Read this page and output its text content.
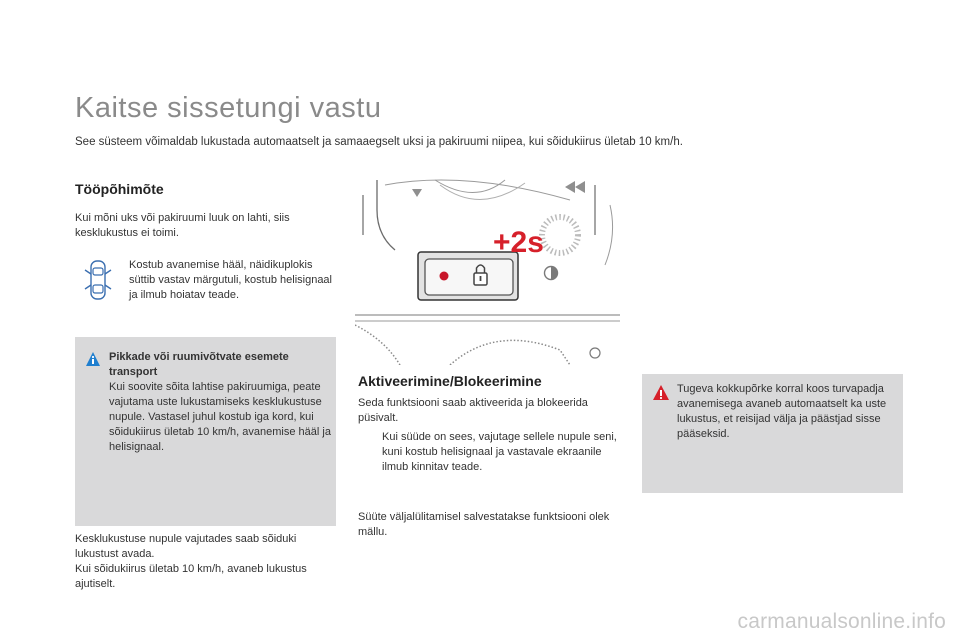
Kaitse sissetungi vastu
See süsteem võimaldab lukustada automaatselt ja samaaegselt uksi ja pakiruumi niipea, kui sõidukiirus ületab 10 km/h.
Tööpõhimõte
Kui mõni uks või pakiruumi luuk on lahti, siis kesklukustus ei toimi.
Kostub avanemise hääl, näidikuplokis süttib vastav märgutuli, kostub helisignaal ja ilmub hoiatav teade.
Pikkade või ruumivõtvate esemete transport
Kui soovite sõita lahtise pakiruumiga, peate vajutama uste lukustamiseks kesklukustuse nupule. Vastasel juhul kostub iga kord, kui sõidukiirus ületab 10 km/h, avanemise hääl ja helisignaal.
Kesklukustuse nupule vajutades saab sõiduki lukustust avada.
Kui sõidukiirus ületab 10 km/h, avaneb lukustus ajutiselt.
+2s
Aktiveerimine/Blokeerimine
Seda funktsiooni saab aktiveerida ja blokeerida püsivalt.
Kui süüde on sees, vajutage sellele nupule seni, kuni kostub helisignaal ja vastavale ekraanile ilmub kinnitav teade.
Süüte väljalülitamisel salvestatakse funktsiooni olek mällu.
Tugeva kokkupõrke korral koos turvapadja avanemisega avaneb automaatselt ka uste lukustus, et reisijad välja ja päästjad sisse pääseksid.
carmanualsonline.info
